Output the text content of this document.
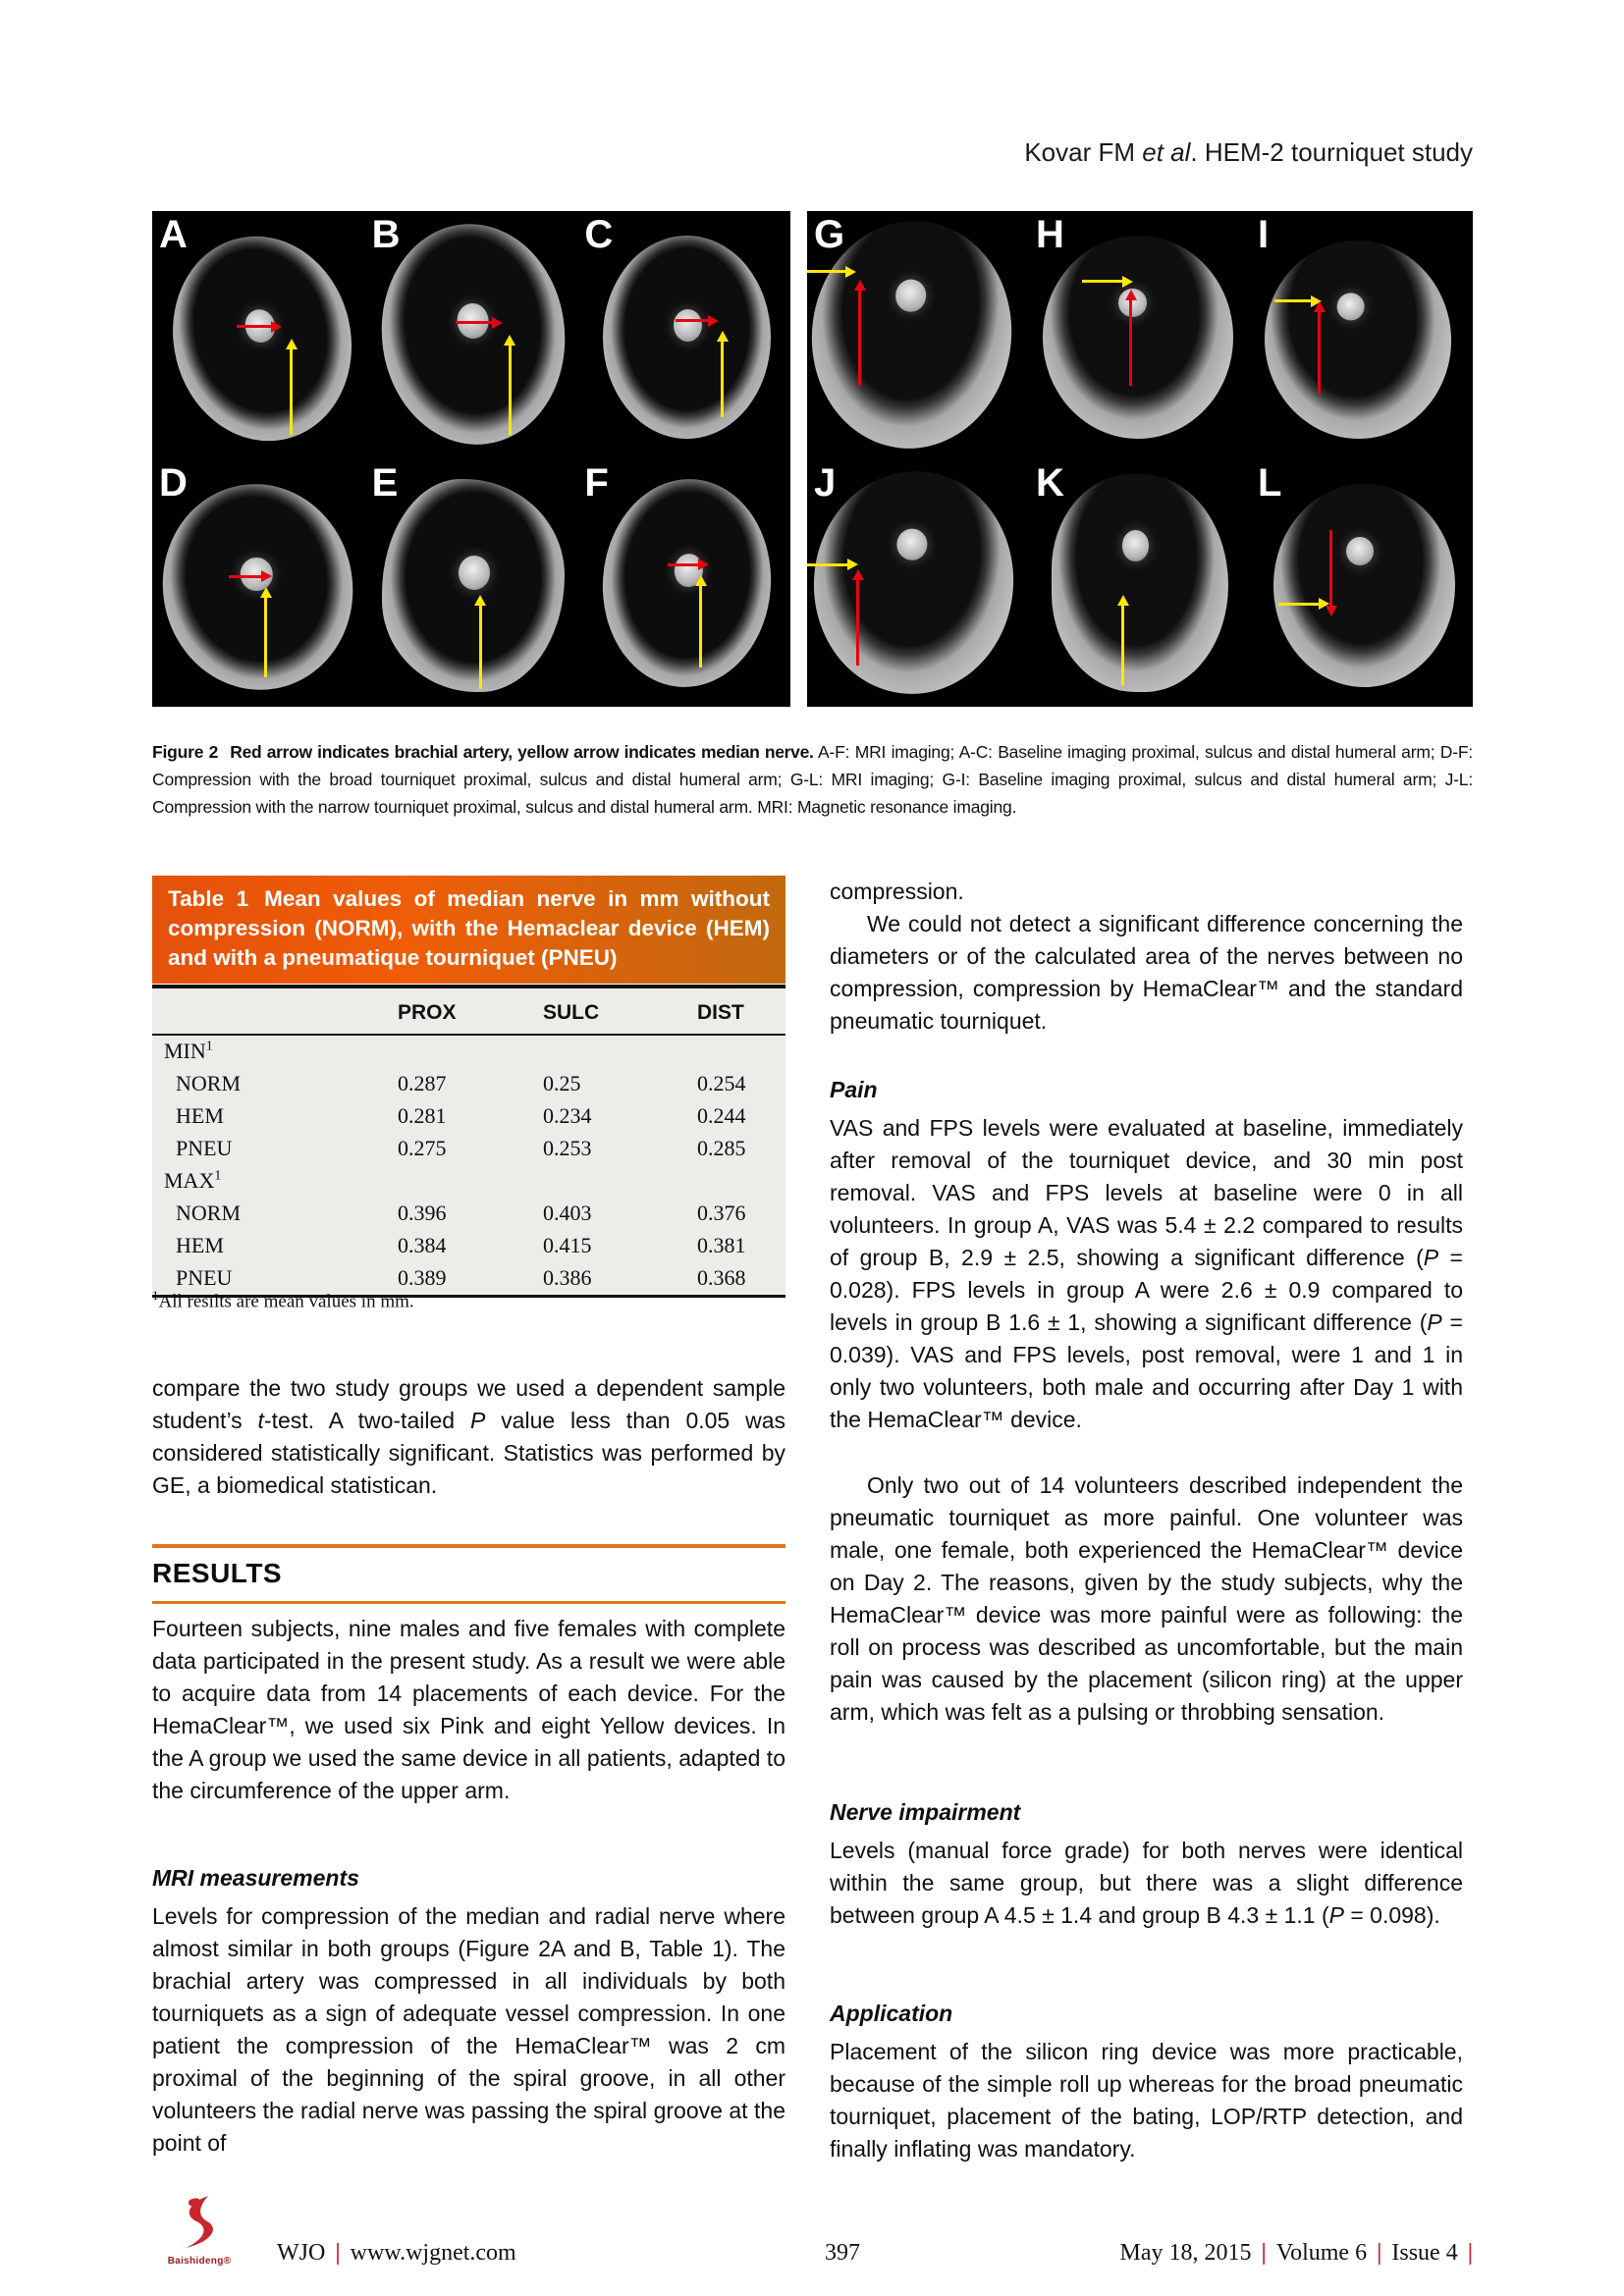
Kovar FM et al. HEM-2 tourniquet study
A	B	C
D	E	F
G	H	I
J	K	L
Figure 2 Red arrow indicates brachial artery, yellow arrow indicates median nerve. A-F: MRI imaging; A-C: Baseline imaging proximal, sulcus and distal humeral arm; D-F: Compression with the broad tourniquet proximal, sulcus and distal humeral arm; G-L: MRI imaging; G-I: Baseline imaging proximal, sulcus and distal humeral arm; J-L: Compression with the narrow tourniquet proximal, sulcus and distal humeral arm. MRI: Magnetic resonance imaging.
Table 1 Mean values of median nerve in mm without compression (NORM), with the Hemaclear device (HEM) and with a pneumatique tourniquet (PNEU)
	PROX	SULC	DIST
MIN$^1$			
NORM	0.287	0.25	0.254
HEM	0.281	0.234	0.244
PNEU	0.275	0.253	0.285
MAX$^1$			
NORM	0.396	0.403	0.376
HEM	0.384	0.415	0.381
PNEU	0.389	0.386	0.368
$^1$All resilts are mean values in mm.
compare the two study groups we used a dependent sample student’s t-test. A two-tailed P value less than 0.05 was considered statistically significant. Statistics was performed by GE, a biomedical statistican.
RESULTS
Fourteen subjects, nine males and five females with complete data participated in the present study. As a result we were able to acquire data from 14 placements of each device. For the HemaClear™, we used six Pink and eight Yellow devices. In the A group we used the same device in all patients, adapted to the circumference of the upper arm.
MRI measurements
Levels for compression of the median and radial nerve where almost similar in both groups (Figure 2A and B, Table 1). The brachial artery was compressed in all individuals by both tourniquets as a sign of adequate vessel compression. In one patient the compression of the HemaClear™ was 2 cm proximal of the beginning of the spiral groove, in all other volunteers the radial nerve was passing the spiral groove at the point of
compression.
We could not detect a significant difference concerning the diameters or of the calculated area of the nerves between no compression, compression by HemaClear™ and the standard pneumatic tourniquet.
Pain
VAS and FPS levels were evaluated at baseline, immediately after removal of the tourniquet device, and 30 min post removal. VAS and FPS levels at baseline were 0 in all volunteers. In group A, VAS was 5.4 ± 2.2 compared to results of group B, 2.9 ± 2.5, showing a significant difference (P = 0.028). FPS levels in group A were 2.6 ± 0.9 compared to levels in group B 1.6 ± 1, showing a significant difference (P = 0.039). VAS and FPS levels, post removal, were 1 and 1 in only two volunteers, both male and occurring after Day 1 with the HemaClear™ device.
Only two out of 14 volunteers described independent the pneumatic tourniquet as more painful. One volunteer was male, one female, both experienced the HemaClear™ device on Day 2. The reasons, given by the study subjects, why the HemaClear™ device was more painful were as following: the roll on process was described as uncomfortable, but the main pain was caused by the placement (silicon ring) at the upper arm, which was felt as a pulsing or throbbing sensation.
Nerve impairment
Levels (manual force grade) for both nerves were identical within the same group, but there was a slight difference between group A 4.5 ± 1.4 and group B 4.3 ± 1.1 (P = 0.098).
Application
Placement of the silicon ring device was more practicable, because of the simple roll up whereas for the broad pneumatic tourniquet, placement of the bating, LOP/RTP detection, and finally inflating was mandatory.
Baishideng®	WJO | www.wjgnet.com	397	May 18, 2015 | Volume 6 | Issue 4 |
